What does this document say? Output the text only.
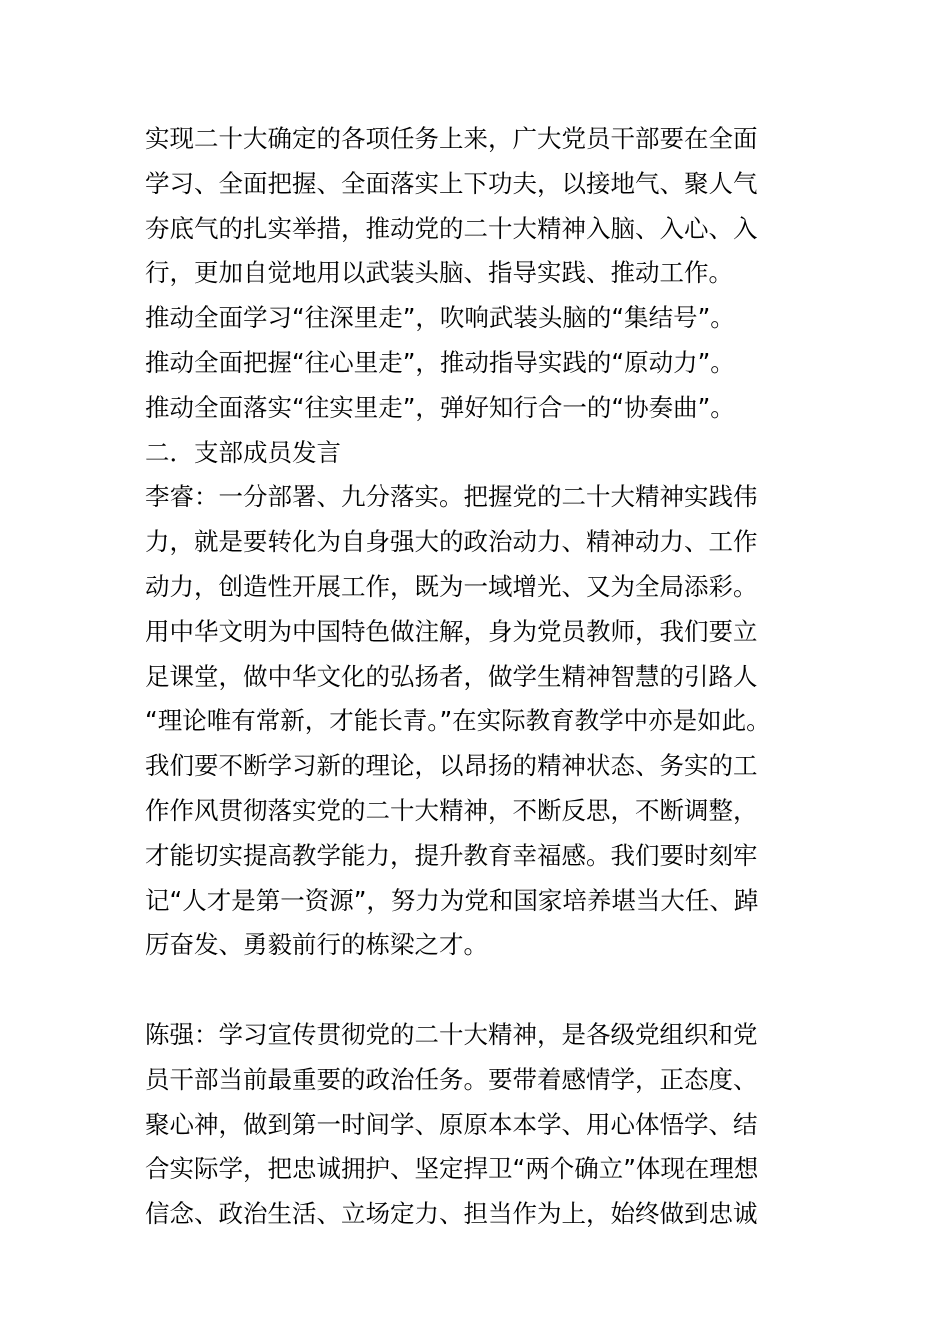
实现二十大确定的各项任务上来，广大党员干部要在全面
学习、全面把握、全面落实上下功夫，以接地气、聚人气
夯底气的扎实举措，推动党的二十大精神入脑、入心、入
行，更加自觉地用以武装头脑、指导实践、推动工作。
推动全面学习“往深里走”，吹响武装头脑的“集结号”。
推动全面把握“往心里走”，推动指导实践的“原动力”。
推动全面落实“往实里走”，弹好知行合一的“协奏曲”。
二．支部成员发言
李睿：一分部署、九分落实。把握党的二十大精神实践伟
力，就是要转化为自身强大的政治动力、精神动力、工作
动力，创造性开展工作，既为一域增光、又为全局添彩。
用中华文明为中国特色做注解，身为党员教师，我们要立
足课堂，做中华文化的弘扬者，做学生精神智慧的引路人
“理论唯有常新，才能长青。”在实际教育教学中亦是如此。
我们要不断学习新的理论，以昂扬的精神状态、务实的工
作作风贯彻落实党的二十大精神，不断反思，不断调整，
才能切实提高教学能力，提升教育幸福感。我们要时刻牢
记“人才是第一资源”，努力为党和国家培养堪当大任、踔
厉奋发、勇毅前行的栋梁之才。
陈强：学习宣传贯彻党的二十大精神，是各级党组织和党
员干部当前最重要的政治任务。要带着感情学，正态度、
聚心神，做到第一时间学、原原本本学、用心体悟学、结
合实际学，把忠诚拥护、坚定捍卫“两个确立”体现在理想
信念、政治生活、立场定力、担当作为上，始终做到忠诚
